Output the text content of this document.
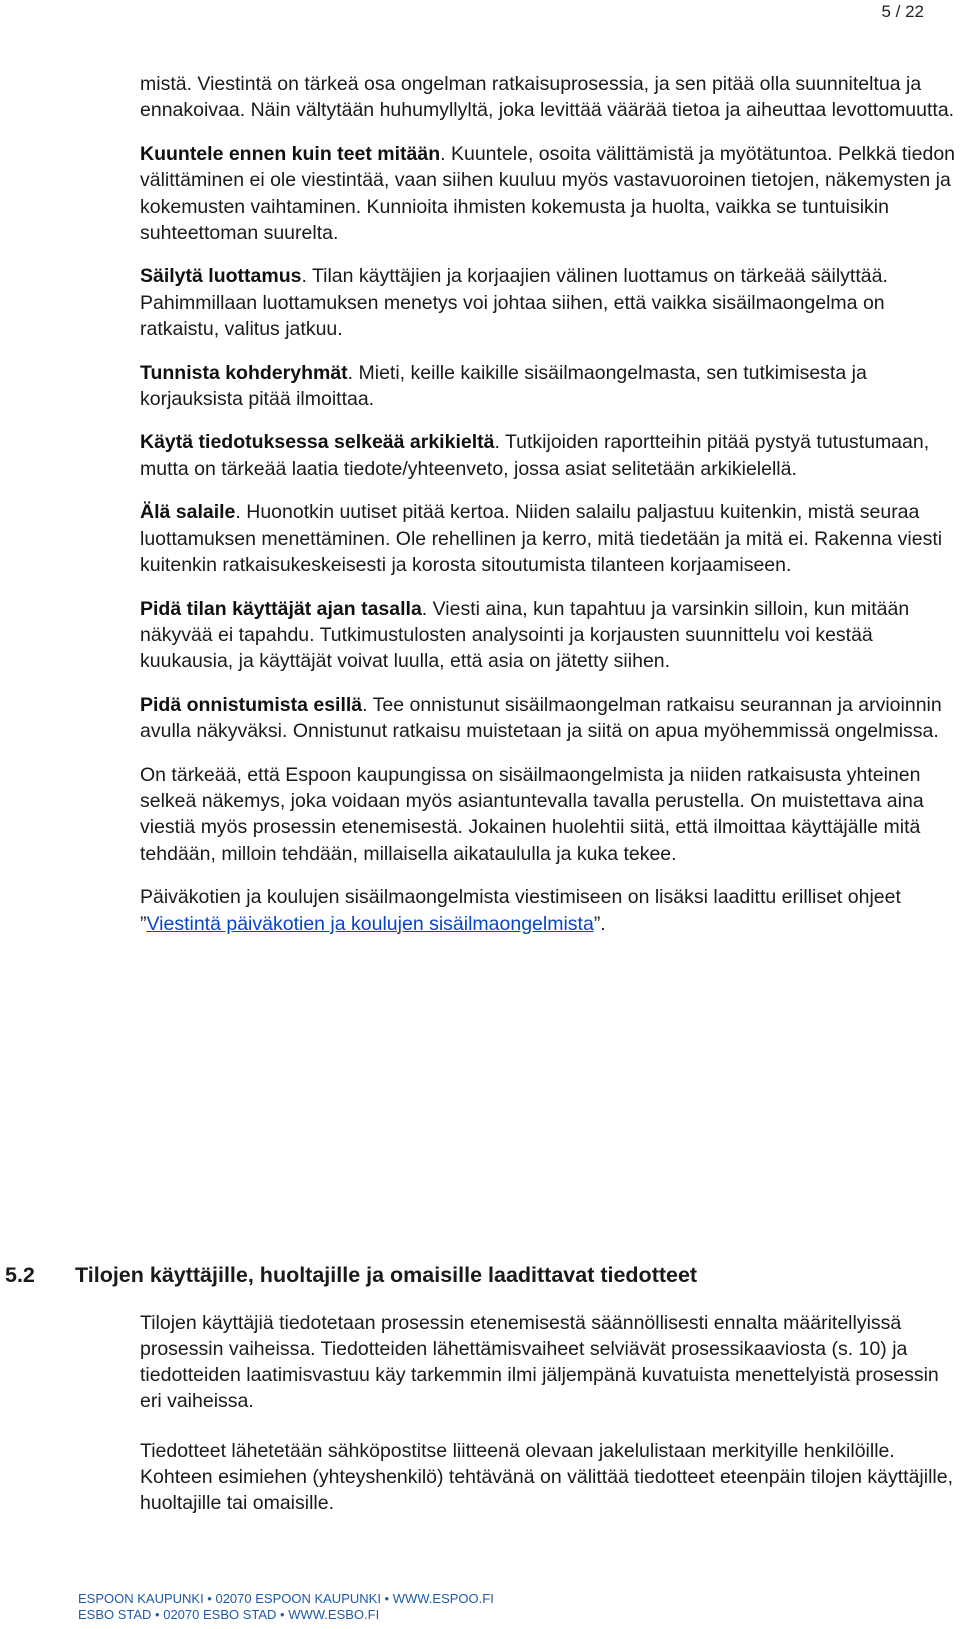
5 / 22

mistä. Viestintä on tärkeä osa ongelman ratkaisuprosessia, ja sen pitää olla suunniteltua ja ennakoivaa. Näin vältytään huhumyllyltä, joka levittää väärää tietoa ja aiheuttaa levottomuutta.

Kuuntele ennen kuin teet mitään. Kuuntele, osoita välittämistä ja myötätuntoa. Pelkkä tiedon välittäminen ei ole viestintää, vaan siihen kuuluu myös vastavuoroinen tietojen, näkemysten ja kokemusten vaihtaminen. Kunnioita ihmisten kokemusta ja huolta, vaikka se tuntuisikin suhteettoman suurelta.

Säilytä luottamus. Tilan käyttäjien ja korjaajien välinen luottamus on tärkeää säilyttää. Pahimmillaan luottamuksen menetys voi johtaa siihen, että vaikka sisäilmaongelma on ratkaistu, valitus jatkuu.

Tunnista kohderyhmät. Mieti, keille kaikille sisäilmaongelmasta, sen tutkimisesta ja korjauksista pitää ilmoittaa.

Käytä tiedotuksessa selkeää arkikieltä. Tutkijoiden raportteihin pitää pystyä tutustumaan, mutta on tärkeää laatia tiedote/yhteenveto, jossa asiat selitetään arkikielellä.

Älä salaile. Huonotkin uutiset pitää kertoa. Niiden salailu paljastuu kuitenkin, mistä seuraa luottamuksen menettäminen. Ole rehellinen ja kerro, mitä tiedetään ja mitä ei. Rakenna viesti kuitenkin ratkaisukeskeisesti ja korosta sitoutumista tilanteen korjaamiseen.

Pidä tilan käyttäjät ajan tasalla. Viesti aina, kun tapahtuu ja varsinkin silloin, kun mitään näkyvää ei tapahdu. Tutkimustulosten analysointi ja korjausten suunnittelu voi kestää kuukausia, ja käyttäjät voivat luulla, että asia on jätetty siihen.

Pidä onnistumista esillä. Tee onnistunut sisäilmaongelman ratkaisu seurannan ja arvioinnin avulla näkyväksi. Onnistunut ratkaisu muistetaan ja siitä on apua myöhemmissä ongelmissa.

On tärkeää, että Espoon kaupungissa on sisäilmaongelmista ja niiden ratkaisusta yhteinen selkeä näkemys, joka voidaan myös asiantuntevalla tavalla perustella. On muistettava aina viestiä myös prosessin etenemisestä. Jokainen huolehtii siitä, että ilmoittaa käyttäjälle mitä tehdään, milloin tehdään, millaisella aikataululla ja kuka tekee.

Päiväkotien ja koulujen sisäilmaongelmista viestimiseen on lisäksi laadittu erilliset ohjeet ”Viestintä päiväkotien ja koulujen sisäilmaongelmista”.

5.2 Tilojen käyttäjille, huoltajille ja omaisille laadittavat tiedotteet

Tilojen käyttäjiä tiedotetaan prosessin etenemisestä säännöllisesti ennalta määritellyissä prosessin vaiheissa. Tiedotteiden lähettämisvaiheet selviävät prosessikaaviosta (s. 10) ja tiedotteiden laatimisvastuu käy tarkemmin ilmi jäljempänä kuvatuista menettelyistä prosessin eri vaiheissa.

Tiedotteet lähetetään sähköpostitse liitteenä olevaan jakelulistaan merkityille henkilöille. Kohteen esimiehen (yhteyshenkilö) tehtävänä on välittää tiedotteet eteenpäin tilojen käyttäjille, huoltajille tai omaisille.

ESPOON KAUPUNKI • 02070 ESPOON KAUPUNKI • WWW.ESPOO.FI
ESBO STAD • 02070 ESBO STAD • WWW.ESBO.FI
